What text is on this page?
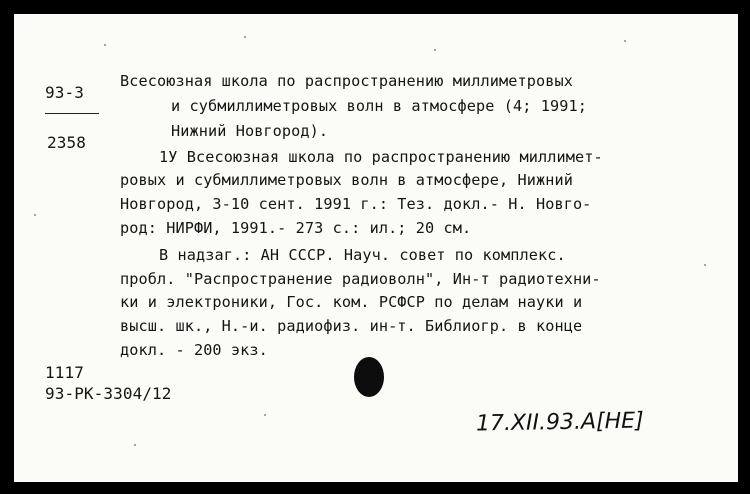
93-3
2358
Всесоюзная школа по распространению миллиметровых
и субмиллиметровых волн в атмосфере (4; 1991;
Нижний Новгород).
1У Всесоюзная школа по распространению миллимет-
ровых и субмиллиметровых волн в атмосфере, Нижний
Новгород, 3-10 сент. 1991 г.: Тез. докл.- Н. Новго-
род: НИРФИ, 1991.- 273 с.: ил.; 20 см.
В надзаг.: АН СССР. Науч. совет по комплекс.
пробл. "Распространение радиоволн", Ин-т радиотехни-
ки и электроники, Гос. ком. РСФСР по делам науки и
высш. шк., Н.-и. радиофиз. ин-т. Библиогр. в конце
докл. - 200 экз.
1117
93-РК-3304/12
17.XII.93.A[НЕ]
